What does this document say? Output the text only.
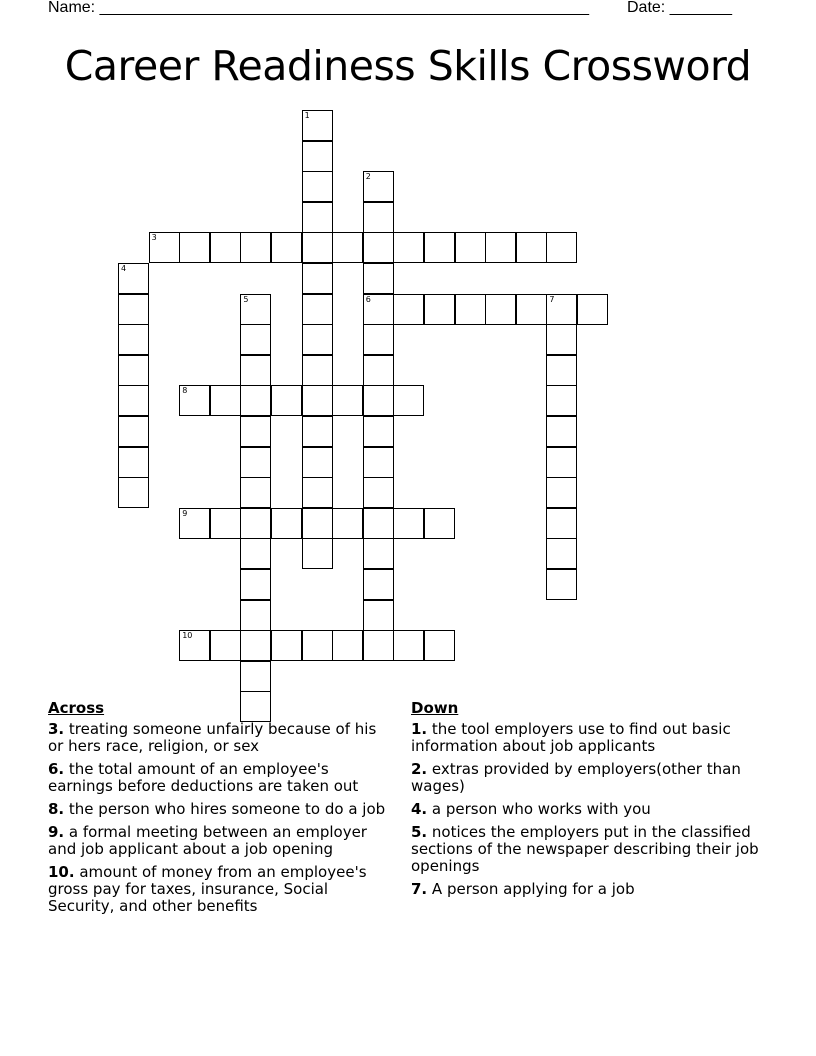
Name: _______________________________________________________ Date: _______
Career Readiness Skills Crossword
1
2
6
3
4
5	7
8
9
10
Across
3. treating someone unfairly because of his or hers race, religion, or sex
6. the total amount of an employee's earnings before deductions are taken out
8. the person who hires someone to do a job
9. a formal meeting between an employer and job applicant about a job opening
10. amount of money from an employee's gross pay for taxes, insurance, Social Security, and other benefits
Down
1. the tool employers use to find out basic information about job applicants
2. extras provided by employers(other than wages)
4. a person who works with you
5. notices the employers put in the classified sections of the newspaper describing their job openings
7. A person applying for a job
